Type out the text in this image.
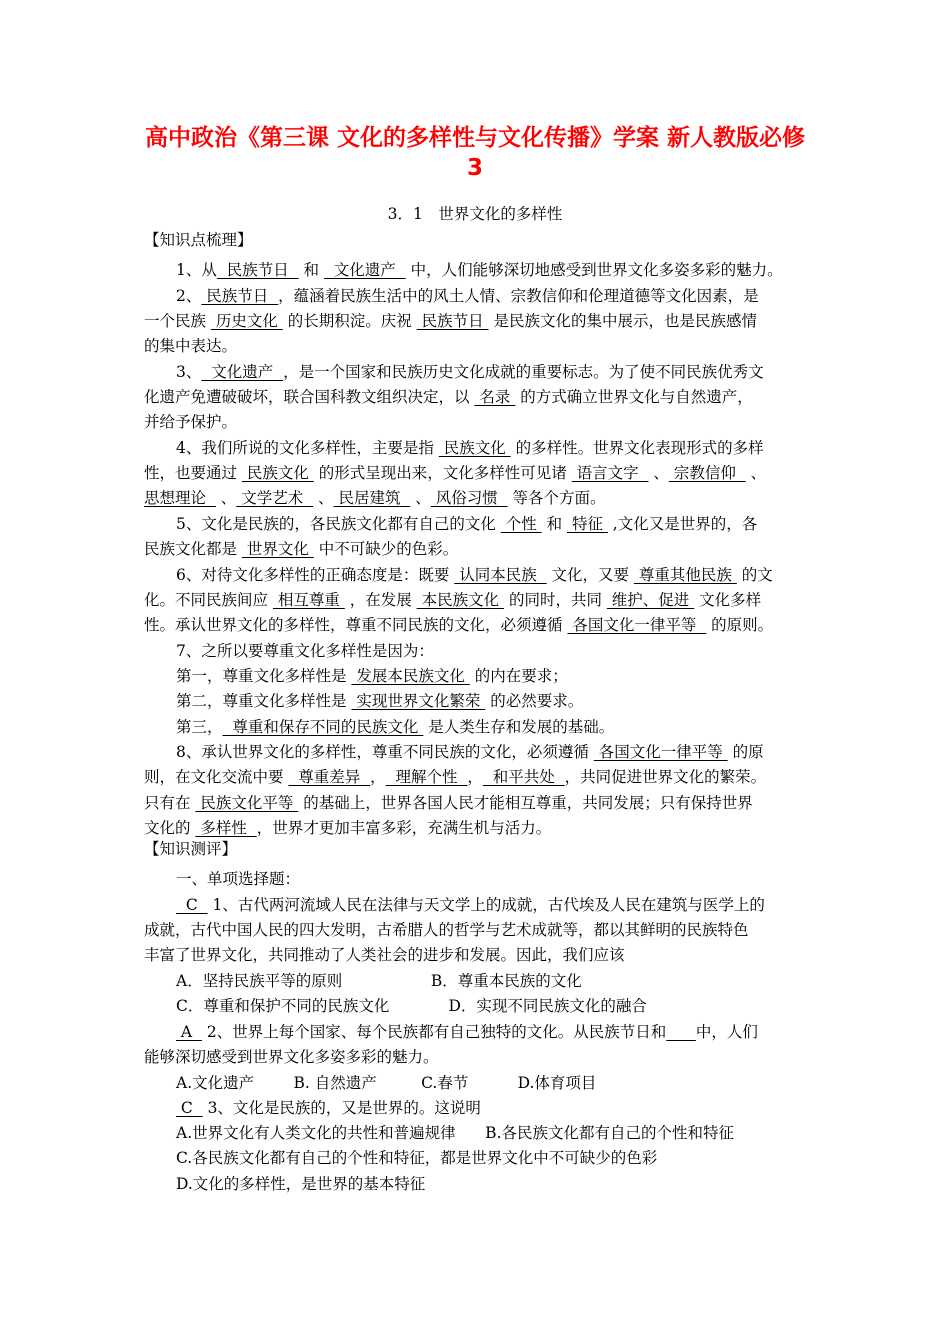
高中政治《第三课 文化的多样性与文化传播》学案 新人教版必修
3
3．1　世界文化的多样性
【知识点梳理】
【知识测评】
1、从  民族节日   和   文化遗产   中，人们能够深切地感受到世界文化多姿多彩的魅力。
2、 民族节日  ，蕴涵着民族生活中的风土人情、宗教信仰和伦理道德等文化因素，是
一个民族  历史文化  的长期积淀。庆祝  民族节日  是民族文化的集中展示，也是民族感情
的集中表达。
3、  文化遗产  ，是一个国家和民族历史文化成就的重要标志。为了使不同民族优秀文
化遗产免遭破破坏，联合国科教文组织决定，以  名录  的方式确立世界文化与自然遗产，
并给予保护。
4、我们所说的文化多样性，主要是指  民族文化  的多样性。世界文化表现形式的多样
性，也要通过  民族文化  的形式呈现出来，文化多样性可见诸  语言文字   、 宗教信仰   、
思想理论   、 文学艺术   、 民居建筑   、 风俗习惯   等各个方面。
5、文化是民族的，各民族文化都有自己的文化  个性  和  特征  ,文化又是世界的，各
民族文化都是  世界文化  中不可缺少的色彩。
6、对待文化多样性的正确态度是：既要  认同本民族   文化，又要  尊重其他民族  的文
化。不同民族间应  相互尊重  ，在发展  本民族文化  的同时，共同  维护、促进  文化多样
性。承认世界文化的多样性，尊重不同民族的文化，必须遵循  各国文化一律平等   的原则。
7、之所以要尊重文化多样性是因为：
第一，尊重文化多样性是  发展本民族文化  的内在要求；
第二，尊重文化多样性是  实现世界文化繁荣  的必然要求。
第三，  尊重和保存不同的民族文化  是人类生存和发展的基础。
8、承认世界文化的多样性，尊重不同民族的文化，必须遵循  各国文化一律平等  的原
则，在文化交流中要   尊重差异  ，  理解个性  ，  和平共处  ，共同促进世界文化的繁荣。
只有在  民族文化平等  的基础上，世界各国人民才能相互尊重，共同发展；只有保持世界
文化的  多样性  ，世界才更加丰富多彩，充满生机与活力。
一、单项选择题：
C   1、古代两河流域人民在法律与天文学上的成就，古代埃及人民在建筑与医学上的
成就，古代中国人民的四大发明，古希腊人的哲学与艺术成就等，都以其鲜明的民族特色
丰富了世界文化，共同推动了人类社会的进步和发展。因此，我们应该
A．坚持民族平等的原则                  B．尊重本民族的文化
C．尊重和保护不同的民族文化            D．实现不同民族文化的融合
A   2、世界上每个国家、每个民族都有自己独特的文化。从民族节日和 中，人们
能够深切感受到世界文化多姿多彩的魅力。
A.文化遗产        B. 自然遗产         C.春节          D.体育项目
C   3、文化是民族的，又是世界的。这说明
A.世界文化有人类文化的共性和普遍规律      B.各民族文化都有自己的个性和特征
C.各民族文化都有自己的个性和特征，都是世界文化中不可缺少的色彩
D.文化的多样性，是世界的基本特征
